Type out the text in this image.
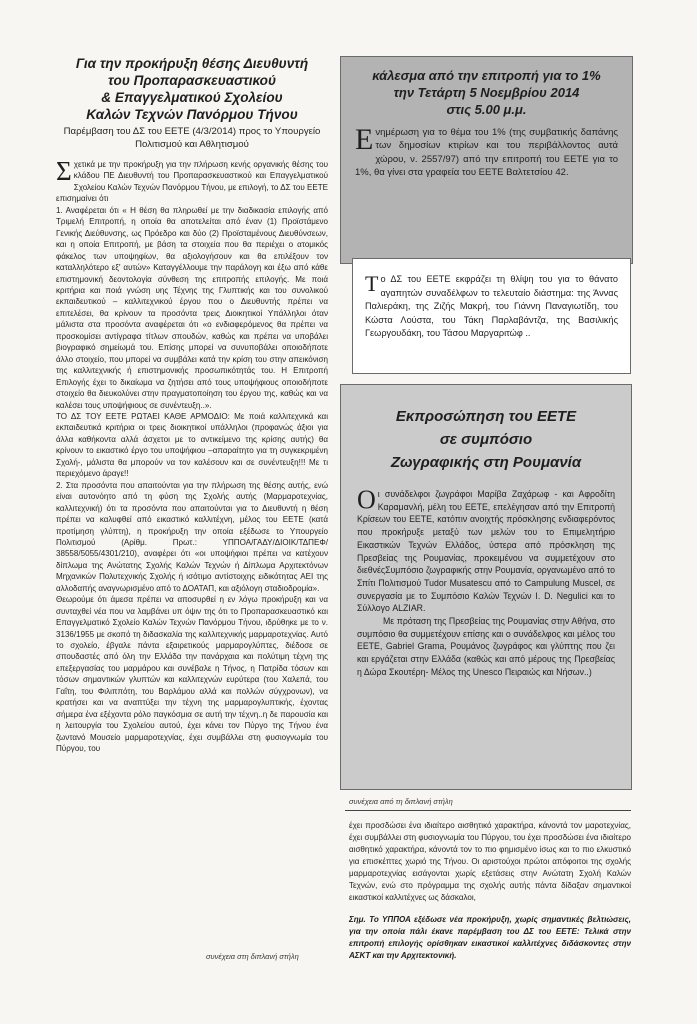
Για την προκήρυξη θέσης Διευθυντή
του Προπαρασκευαστικού
& Επαγγελματικού Σχολείου
Καλών Τεχνών Πανόρμου Τήνου

Παρέμβαση του ΔΣ του ΕΕΤΕ (4/3/2014) προς το Υπουργείο Πολιτισμού και Αθλητισμού

Σχετικά με την προκήρυξη για την πλήρωση κενής οργανικής θέσης του κλάδου ΠΕ Διευθυντή του Προπαρασκευαστικού και Επαγγελματικού Σχολείου Καλών Τεχνών Πανόρμου Τήνου, με επιλογή, το ΔΣ του ΕΕΤΕ επισημαίνει ότι

1. Αναφέρεται ότι « Η θέση θα πληρωθεί με την διαδικασία επιλογής από Τριμελή Επιτροπή, η οποία θα αποτελείται από έναν (1) Προϊστάμενο Γενικής Διεύθυνσης, ως Πρόεδρο και δύο (2) Προϊσταμένους Διευθύνσεων, και η οποία Επιτροπή, με βάση τα στοιχεία που θα περιέχει ο ατομικός φάκελος των υποψηφίων, θα αξιολογήσουν και θα επιλέξουν τον καταλληλότερο εξ' αυτών» Καταγγέλλουμε την παράλογη και έξω από κάθε επιστημονική δεοντολογία σύνθεση της επιτροπής επιλογής. Με ποιά κριτήρια και ποιά γνώση υης Τέχνης της Γλυπτικής και του συνολικού εκπαιδευτικού – καλλιτεχνικού έργου που ο Διευθυντής πρέπει να επιτελέσει, θα κρίνουν τα προσόντα τρεις Διοικητικοί Υπάλληλοι όταν μάλιστα στα προσόντα αναφέρεται ότι «ο ενδιαφερόμενος θα πρέπει να προσκομίσει αντίγραφα τίτλων σπουδών, καθώς και πρέπει να υποβάλει βιογραφικό σημείωμά του. Επίσης μπορεί να συνυποβάλει οποιοδήποτε άλλο στοιχείο, που μπορεί να συμβάλει κατά την κρίση του στην απεικόνιση της καλλιτεχνικής ή επιστημονικής προσωπικότητάς του. Η Επιτροπή Επιλογής έχει το δικαίωμα να ζητήσει από τους υποψήφιους οποιοδήποτε στοιχείο θα διευκολύνει στην πραγματοποίηση του έργου της, καθώς και να καλέσει τους υποψήφιους σε συνέντευξη..».

ΤΟ ΔΣ ΤΟΥ ΕΕΤΕ ΡΩΤΑΕΙ ΚΑΘΕ ΑΡΜΟΔΙΟ: Με ποιά καλλιτεχνικά και εκπαιδευτικά κριτήρια οι τρεις διοικητικοί υπάλληλοι (προφανώς άξιοι για άλλα καθήκοντα αλλά άσχετοι με το αντικείμενο της κρίσης αυτής) θα κρίνουν το εικαστικό έργο του υποψήφιου –απαραίτητο για τη συγκεκριμένη Σχολή-, μάλιστα θα μπορούν να τον καλέσουν και σε συνέντευξη!!! Με τι περιεχόμενο άραγε!!

2. Στα προσόντα που απαιτούνται για την πλήρωση της θέσης αυτής, ενώ είναι αυτονόητο από τη φύση της Σχολής αυτής (Μαρμαροτεχνίας, καλλιτεχνική) ότι τα προσόντα που απαιτούνται για το Διευθυντή η θέση πρέπει να καλυφθεί από εικαστικό καλλιτέχνη, μέλος του ΕΕΤΕ (κατά προτίμηση γλύπτη), η προκήρυξη την οποία εξέδωσε το Υπουργείο Πολιτισμού (Αρίθμ. Πρωτ.: ΥΠΠΟΑ/ΓΑΔΥ/ΔΙΟΙΚ/ΤΔΠΕΦ/ 38558/5055/4301/210), αναφέρει ότι «οι υποψήφιοι πρέπει να κατέχουν δίπλωμα της Ανώτατης Σχολής Καλών Τεχνών ή Δίπλωμα Αρχιτεκτόνων Μηχανικών Πολυτεχνικής Σχολής ή ισότιμο αντίστοιχης ειδικότητας ΑΕΙ της αλλοδαπής αναγνωρισμένο από το ΔΟΑΤΑΠ, και αξιόλογη σταδιοδρομία».

Θεωρούμε ότι άμεσα πρέπει να αποσυρθεί η εν λόγω προκήρυξη και να συνταχθεί νέα που να λαμβάνει υπ όψιν της ότι το Προπαρασκευαστικό και Επαγγελματικό Σχολείο Καλών Τεχνών Πανόρμου Τήνου, ιδρύθηκε με το ν. 3136/1955 με σκοπό τη διδασκαλία της καλλιτεχνικής μαρμαροτεχνίας. Αυτό το σχολείο, έβγαλε πάντα εξαιρετικούς μαρμαρογλύπτες, διέδοσε σε σπουδαστές από όλη την Ελλάδα την πανάρχαια και πολύτιμη τέχνη της επεξεργασίας του μαρμάρου και συνέβαλε η Τήνος, η Πατρίδα τόσων και τόσων σημαντικών γλυπτών και καλλιτεχνών ευρύτερα (του Χαλεπά, του Γαΐτη, του Φιλιππότη, του Βαρλάμου αλλά και πολλών σύγχρονων), να κρατήσει και να αναπτύξει την τέχνη της μαρμαρογλυπτικής, έχοντας σήμερα ένα εξέχοντα ρόλο παγκόσμια σε αυτή την τέχνη..η δε παρουσία και η λειτουργία του Σχολείου αυτού, έχει κάνει τον Πύργο της Τήνου ένα ζωντανό Μουσείο μαρμαροτεχνίας, έχει συμβάλλει στη φυσιογνωμία του Πύργου, του

συνέχεια στη διπλανή στήλη
κάλεσμα από την επιτροπή για το 1%
την Τετάρτη 5 Νοεμβρίου 2014
στις 5.00 μ.μ.

Ενημέρωση για το θέμα του 1% (της συμβατικής δαπάνης των δημοσίων κτιρίων και του περιβάλλοντος αυτά χώρου, ν. 2557/97) από την επιτροπή του ΕΕΤΕ για το 1%, θα γίνει στα γραφεία του ΕΕΤΕ Βαλτετσίου 42.

Το ΔΣ του ΕΕΤΕ εκφράζει τη θλίψη του για το θάνατο αγαπητών συναδέλφων το τελευταίο διάστημα: της Άννας Παλιεράκη, της Ζιζής Μακρή, του Γιάννη Παναγιωτίδη, του Κώστα Λούστα, του Τάκη Παρλαβάντζα, της Βασιλικής Γεωργουδάκη, του Τάσου Μαργαριτώφ ..

Εκπροσώπηση του ΕΕΤΕ
σε συμπόσιο
Ζωγραφικής στη Ρουμανία

Οι συνάδελφοι ζωγράφοι Μαρίβα Ζαχάρωφ - και Αφροδίτη Καραμανλή, μέλη του ΕΕΤΕ, επελέγησαν από την Επιτροπή Κρίσεων του ΕΕΤΕ, κατόπιν ανοιχτής πρόσκλησης ενδιαφερόντος που προκήρυξε μεταξύ των μελών του το Επιμελητήριο Εικαστικών Τεχνών Ελλάδος, ύστερα από πρόσκληση της Πρεσβείας της Ρουμανίας, προκειμένου να συμμετέχουν στο διεθνέςΣυμπόσιο ζωγραφικής στην Ρουμανία, οργανωμένο από το Σπίτι Πολιτισμού Tudor Musatescu από το Campulung Muscel, σε συνεργασία με το Συμπόσιο Καλών Τεχνών I. D. Negulici και το Σύλλογο ALZIAR.

Με πρόταση της Πρεσβείας της Ρουμανίας στην Αθήνα, στο συμπόσιο θα συμμετέχουν επίσης και ο συνάδελφος και μέλος του ΕΕΤΕ, Gabriel Grama, Ρουμάνος ζωγράφος και γλύπτης που ζει και εργάζεται στην Ελλάδα (καθώς και από μέρους της Πρεσβείας η Δώρα Σκουτέρη- Μέλος της Unesco Πειραιώς και Νήσων..)

συνέχεια από τη διπλανή στήλη

έχει προσδώσει ένα ιδιαίτερο αισθητικό χαρακτήρα, κάνοντά τον μαροτεχνίας, έχει συμβάλλει στη φυσιογνωμία του Πύργου, του έχει προσδώσει ένα ιδιαίτερο αισθητικό χαρακτήρα, κάνοντά τον το πιο φημισμένο ίσως και το πιο ελκυστικό για επισκέπτες χωριό της Τήνου. Οι αριστούχοι πρώτοι απόφοιτοι της σχολής μαρμαροτεχνίας εισάγονται χωρίς εξετάσεις στην Ανώτατη Σχολή Καλών Τεχνών, ενώ στο πρόγραμμα της σχολής αυτής πάντα δίδαξαν σημαντικοί εικαστικοί καλλιτέχνες ως δάσκαλοι,

Σημ. Το ΥΠΠΟΑ εξέδωσε νέα προκήρυξη, χωρίς σημαντικές βελτιώσεις, για την οποία πάλι έκανε παρέμβαση του ΔΣ του ΕΕΤΕ: Τελικά στην επιτροπή επιλογής ορίσθηκαν εικαστικοί καλλιτέχνες διδάσκοντες στην ΑΣΚΤ και την Αρχιτεκτονική.
